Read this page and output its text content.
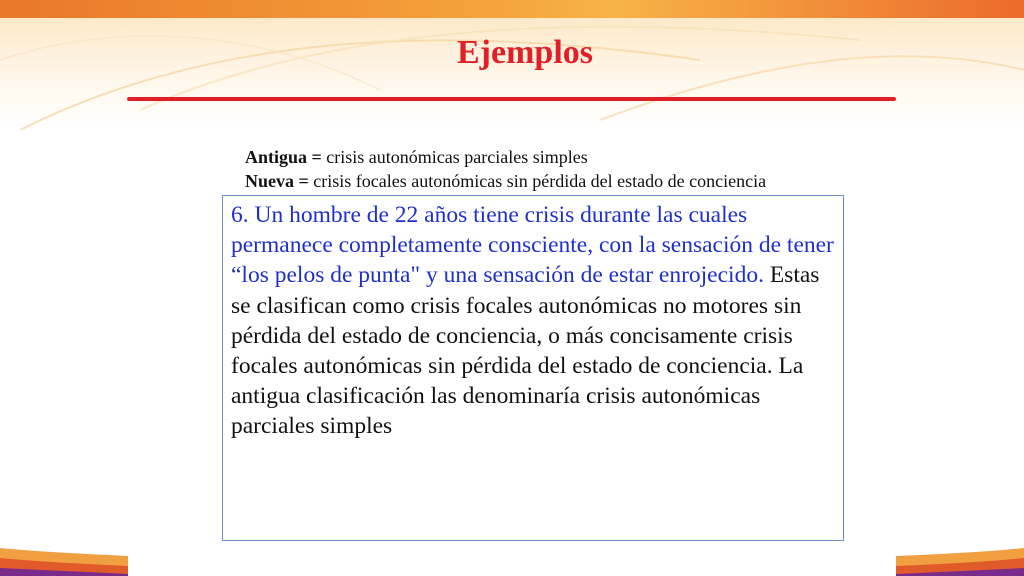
Ejemplos
Antigua = crisis autonómicas parciales simples
Nueva = crisis focales autonómicas sin pérdida del estado de conciencia
6. Un hombre de 22 años tiene crisis durante las cuales permanece completamente consciente, con la sensación de tener “los pelos de punta" y una sensación de estar enrojecido. Estas se clasifican como crisis focales autonómicas no motores sin pérdida del estado de conciencia, o más concisamente crisis focales autonómicas sin pérdida del estado de conciencia. La antigua clasificación las denominaría crisis autonómicas parciales simples
